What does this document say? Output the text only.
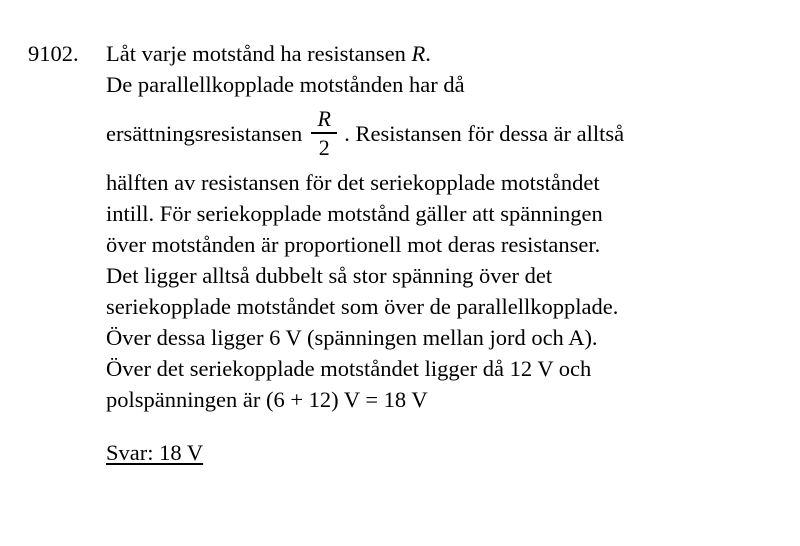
9102.	Låt varje motstånd ha resistansen R.
De parallellkopplade motstånden har då
ersättningsresistansen $\frac{R}{2}$ . Resistansen för dessa är alltså
hälften av resistansen för det seriekopplade motståndet
intill. För seriekopplade motstånd gäller att spänningen
över motstånden är proportionell mot deras resistanser.
Det ligger alltså dubbelt så stor spänning över det
seriekopplade motståndet som över de parallellkopplade.
Över dessa ligger 6 V (spänningen mellan jord och A).
Över det seriekopplade motståndet ligger då 12 V och
polspänningen är (6 + 12) V = 18 V
Svar: 18 V
